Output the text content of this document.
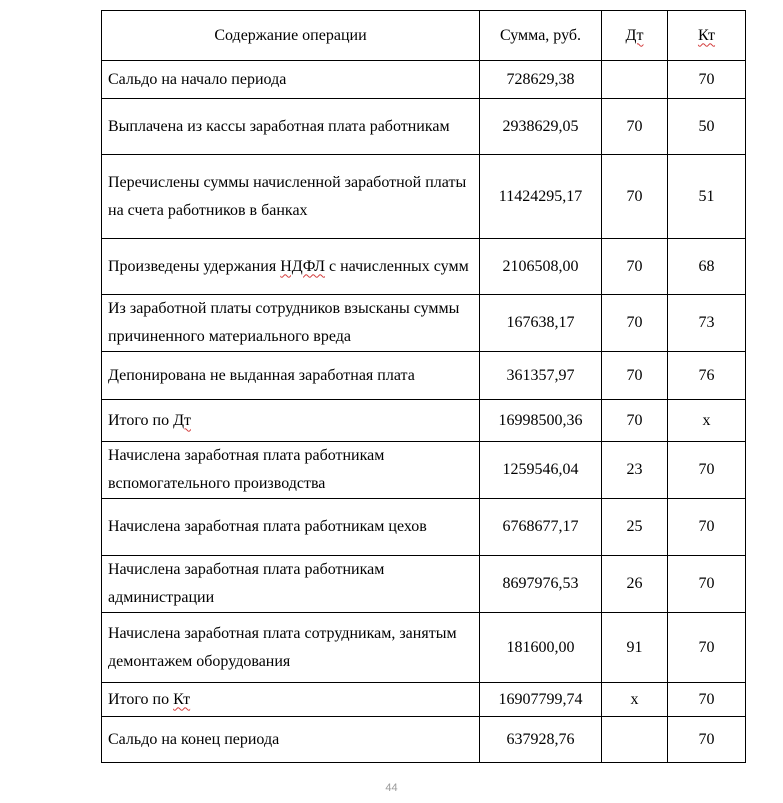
Содержание операции	Сумма, руб.	Дт	Кт
Сальдо на начало периода	728629,38		70
Выплачена из кассы заработная плата работникам	2938629,05	70	50
Перечислены суммы начисленной заработной платы на счета работников в банках	11424295,17	70	51
Произведены удержания НДФЛ с начисленных сумм	2106508,00	70	68
Из заработной платы сотрудников взысканы суммы причиненного материального вреда	167638,17	70	73
Депонирована не выданная заработная плата	361357,97	70	76
Итого по Дт	16998500,36	70	х
Начислена заработная плата работникам вспомогательного производства	1259546,04	23	70
Начислена заработная плата работникам цехов	6768677,17	25	70
Начислена заработная плата работникам администрации	8697976,53	26	70
Начислена заработная плата сотрудникам, занятым демонтажем оборудования	181600,00	91	70
Итого по Кт	16907799,74	х	70
Сальдо на конец периода	637928,76		70
44
